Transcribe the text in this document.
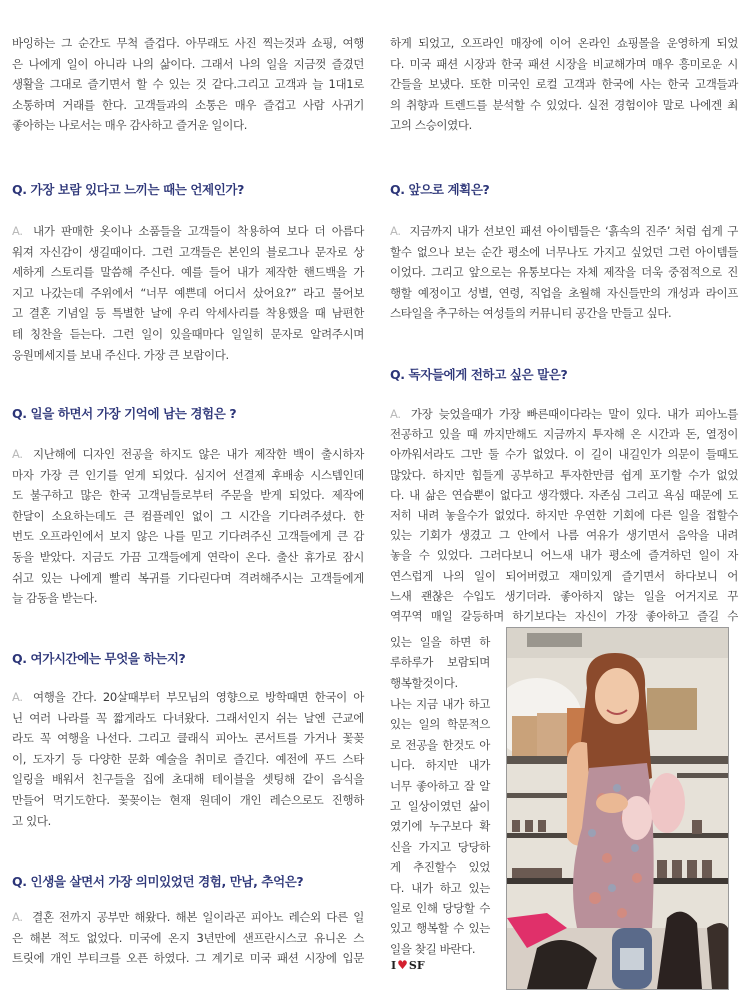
바잉하는 그 순간도 무척 즐겁다. 아무래도 사진 찍는것과 쇼핑, 여행
은 나에게 일이 아니라 나의 삶이다. 그래서 나의 일을 지금껏 즐겼던
생활을 그대로 즐기면서 할 수 있는 것 같다.그리고 고객과 늘 1대1로
소통하며 거래를 한다. 고객들과의 소통은 매우 즐겁고 사람 사귀기
좋아하는 나로서는 매우 감사하고 즐거운 일이다.
Q. 가장 보람 있다고 느끼는 때는 언제인가?
A. 내가 판매한 옷이나 소품들을 고객들이 착용하여 보다 더 아름다
워져 자신감이 생길때이다. 그런 고객들은 본인의 블로그나 문자로 상
세하게 스토리를 말씀해 주신다. 예를 들어 내가 제작한 핸드백을 가
지고 나갔는데 주위에서 “너무 예쁜데 어디서 샀어요?” 라고 물어보
고 결혼 기념일 등 특별한 날에 우리 악세사리를 착용했을 때 남편한
테 칭찬을 듣는다. 그런 일이 있을때마다 일일히 문자로 알려주시며
응원메세지를 보내 주신다. 가장 큰 보람이다.
Q. 일을 하면서 가장 기억에 남는 경험은 ?
A. 지난해에 디자인 전공을 하지도 않은 내가 제작한 백이 출시하자
마자 가장 큰 인기를 얻게 되었다. 심지어 선결제 후배송 시스템인데
도 불구하고 많은 한국 고객님들로부터 주문을 받게 되었다. 제작에
한달이 소요하는데도 큰 컴플레인 없이 그 시간을 기다려주셨다. 한
번도 오프라인에서 보지 않은 나를 믿고 기다려주신 고객들에게 큰 감
동을 받았다. 지금도 가끔 고객들에게 연락이 온다. 출산 휴가로 잠시
쉬고 있는 나에게 빨리 복귀를 기다린다며 격려해주시는 고객들에게
늘 감동을 받는다.
Q. 여가시간에는 무엇을 하는지?
A. 여행을 간다. 20살때부터 부모님의 영향으로 방학때면 한국이 아
닌 여러 나라를 꼭 짧게라도 다녀왔다. 그래서인지 쉬는 날엔 근교에
라도 꼭 여행을 나선다. 그리고 클래식 피아노 콘서트를 가거나 꽃꽂
이, 도자기 등 다양한 문화 예술을 취미로 즐긴다. 예전에 푸드 스타
일링을 배워서 친구들을 집에 초대해 테이블을 셋팅해 같이 음식을
만들어 먹기도한다. 꽃꽂이는 현재 원데이 개인 레슨으로도 진행하
고 있다.
Q. 인생을 살면서 가장 의미있었던 경험, 만남, 추억은?
A. 결혼 전까지 공부만 해왔다. 해본 일이라곤 피아노 레슨외 다른 일
은 해본 적도 없었다. 미국에 온지 3년만에 샌프란시스코 유니온 스
트릿에 개인 부티크를 오픈 하였다. 그 계기로 미국 패션 시장에 입문
하게 되었고, 오프라인 매장에 이어 온라인 쇼핑몰을 운영하게 되었
다. 미국 패션 시장과 한국 패션 시장을 비교해가며 매우 흥미로운 시
간들을 보냈다. 또한 미국인 로컬 고객과 한국에 사는 한국 고객들과
의 취향과 트렌드를 분석할 수 있었다. 실전 경험이야 말로 나에겐 최
고의 스승이였다.
Q. 앞으로 계획은?
A. 지금까지 내가 선보인 패션 아이템들은 ‘흙속의 진주’ 처럼 쉽게 구
할수 없으나 보는 순간 평소에 너무나도 가지고 싶었던 그런 아이템들
이었다. 그리고 앞으로는 유통보다는 자체 제작을 더욱 중점적으로 진
행할 예정이고 성별, 연령, 직업을 초월해 자신들만의 개성과 라이프
스타일을 추구하는 여성들의 커뮤니티 공간을 만들고 싶다.
Q. 독자들에게 전하고 싶은 말은?
A. 가장 늦었을때가 가장 빠른때이다라는 말이 있다. 내가 피아노를
전공하고 있을 때 까지만해도 지금까지 투자해 온 시간과 돈, 열정이
아까워서라도 그만 둘 수가 없었다. 이 길이 내길인가 의문이 들때도
많았다. 하지만 힘들게 공부하고 투자한만큼 쉽게 포기할 수가 없었
다. 내 삶은 연습뿐이 없다고 생각했다. 자존심 그리고 욕심 때문에 도
저히 내려 놓을수가 없었다. 하지만 우연한 기회에 다른 일을 접할수
있는 기회가 생겼고 그 안에서 나름 여유가 생기면서 음악을 내려
놓을 수 있었다. 그러다보니 어느새 내가 평소에 즐겨하던 일이 자
연스럽게 나의 일이 되어버렸고 재미있게 즐기면서 하다보니 어
느새 괜찮은 수입도 생기더라. 좋아하지 않는 일을 어거지로 꾸
역꾸역 매일 갈등하며 하기보다는 자신이 가장 좋아하고 즐길 수
있는 일을 하면 하
루하루가 보람되며
행복할것이다.
나는 지금 내가 하고
있는 일의 학문적으
로 전공을 한것도 아
니다. 하지만 내가
너무 좋아하고 잘 알
고 일상이였던 삶이
였기에 누구보다 확
신을 가지고 당당하
게 추진할수 있었
다. 내가 하고 있는
일로 인해 당당할 수
있고 행복할 수 있는
일을 찾길 바란다.
I ♥ SF
